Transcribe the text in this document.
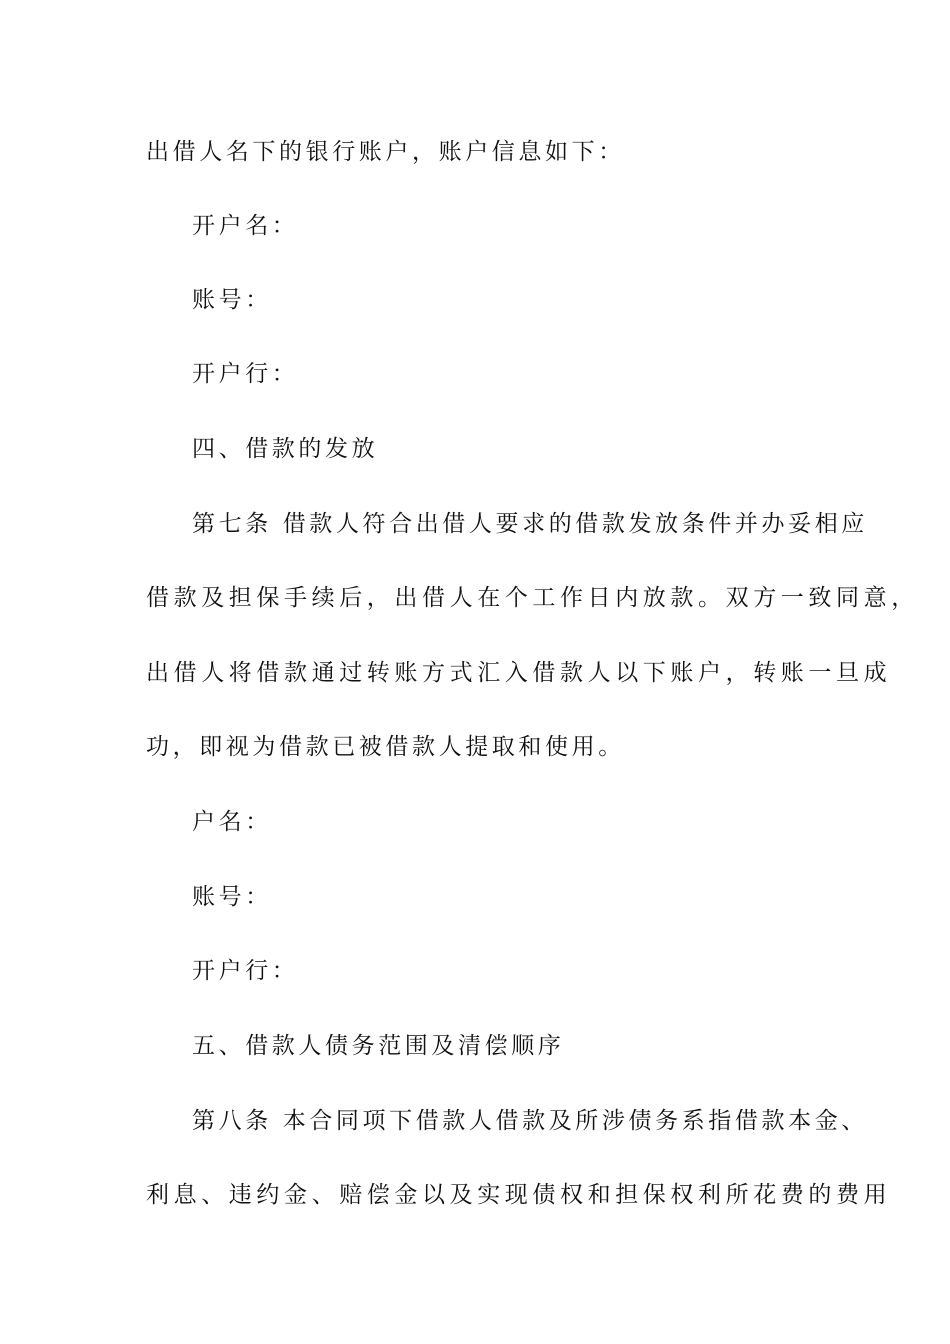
出借人名下的银行账户，账户信息如下：
开户名：
账号：
开户行：
四、借款的发放
第七条 借款人符合出借人要求的借款发放条件并办妥相应
借款及担保手续后，出借人在个工作日内放款。双方一致同意，
出借人将借款通过转账方式汇入借款人以下账户，转账一旦成
功，即视为借款已被借款人提取和使用。
户名：
账号：
开户行：
五、借款人债务范围及清偿顺序
第八条 本合同项下借款人借款及所涉债务系指借款本金、
利息、违约金、赔偿金以及实现债权和担保权利所花费的费用
